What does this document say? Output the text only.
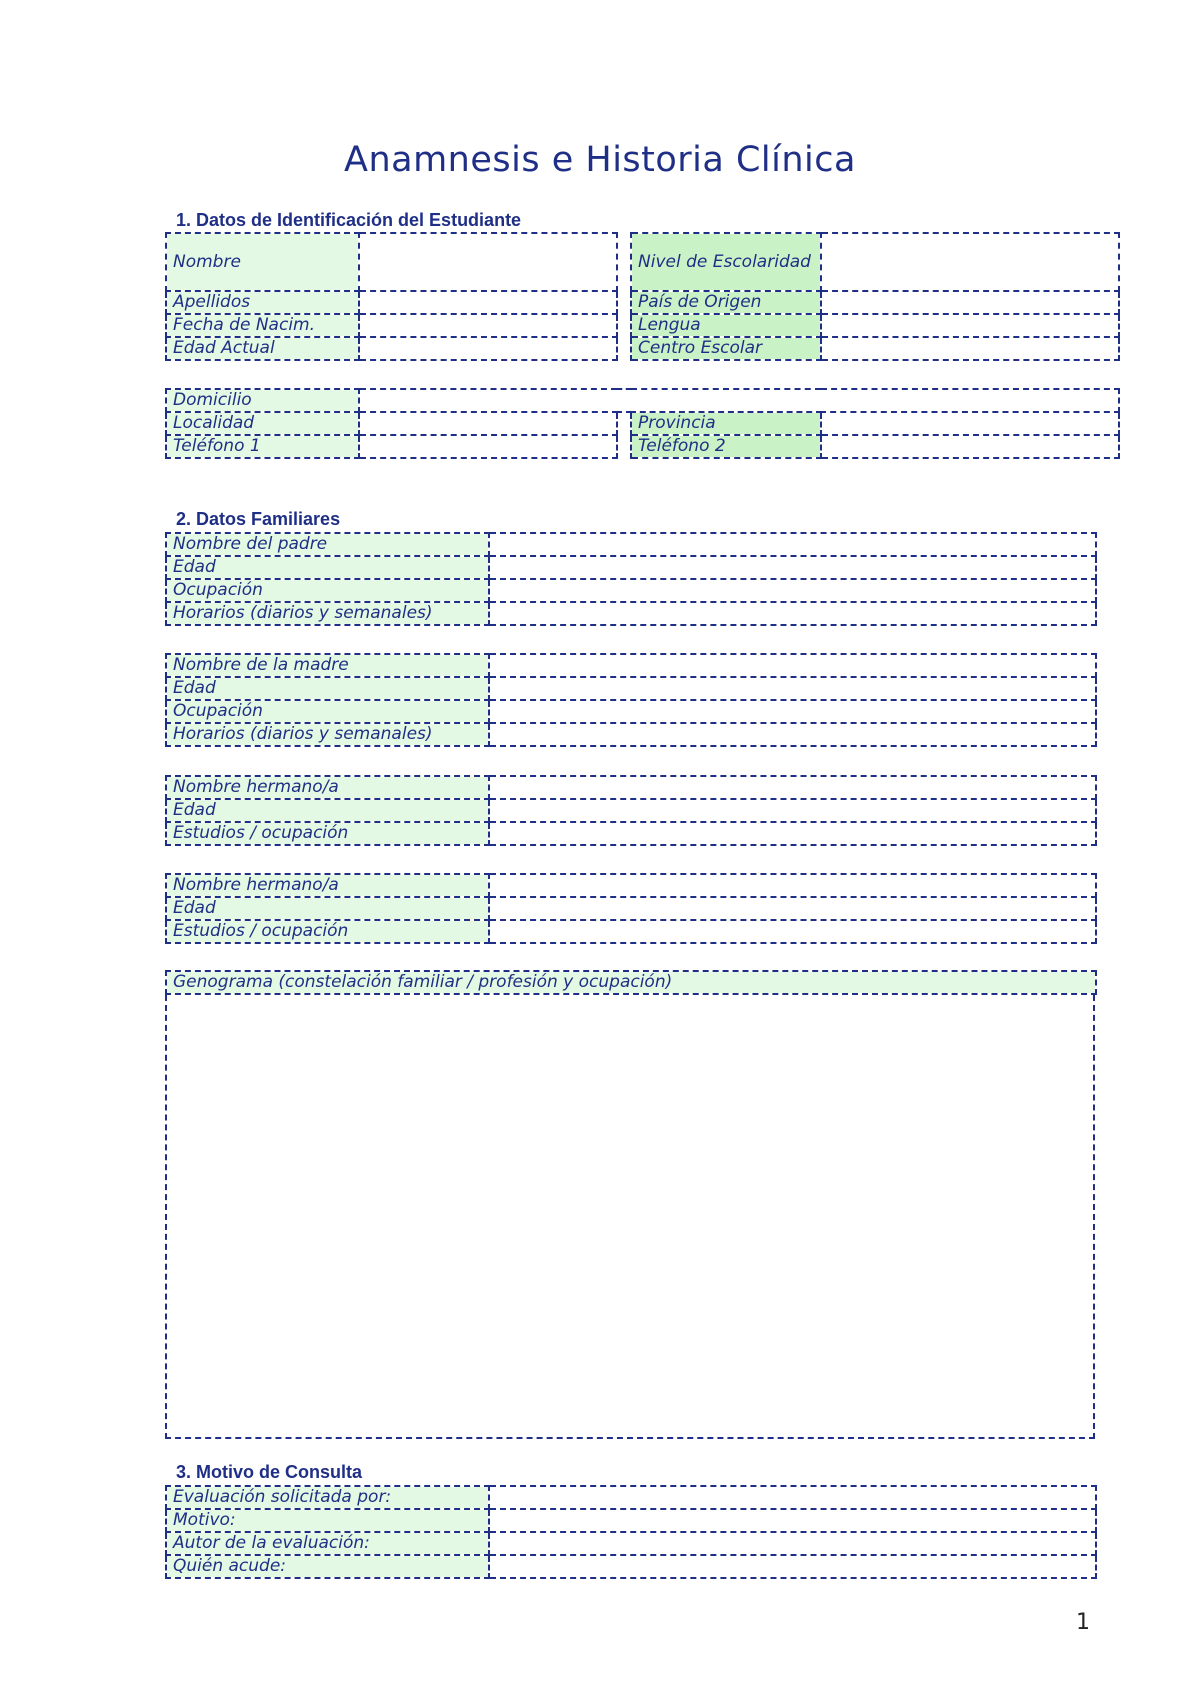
Anamnesis e Historia Clínica
1. Datos de Identificación del Estudiante
Nombre			Nivel de Escolaridad	
Apellidos			País de Origen	
Fecha de Nacim.			Lengua	
Edad Actual			Centro Escolar	
Domicilio				
Localidad			Provincia	
Teléfono 1			Teléfono 2	
2. Datos Familiares
Nombre del padre	
Edad	
Ocupación	
Horarios (diarios y semanales)	
Nombre de la madre	
Edad	
Ocupación	
Horarios (diarios y semanales)	
Nombre hermano/a	
Edad	
Estudios / ocupación	
Nombre hermano/a	
Edad	
Estudios / ocupación	
Genograma (constelación familiar / profesión y ocupación)
3. Motivo de Consulta
Evaluación solicitada por:	
Motivo:	
Autor de la evaluación:	
Quién acude:	
1
